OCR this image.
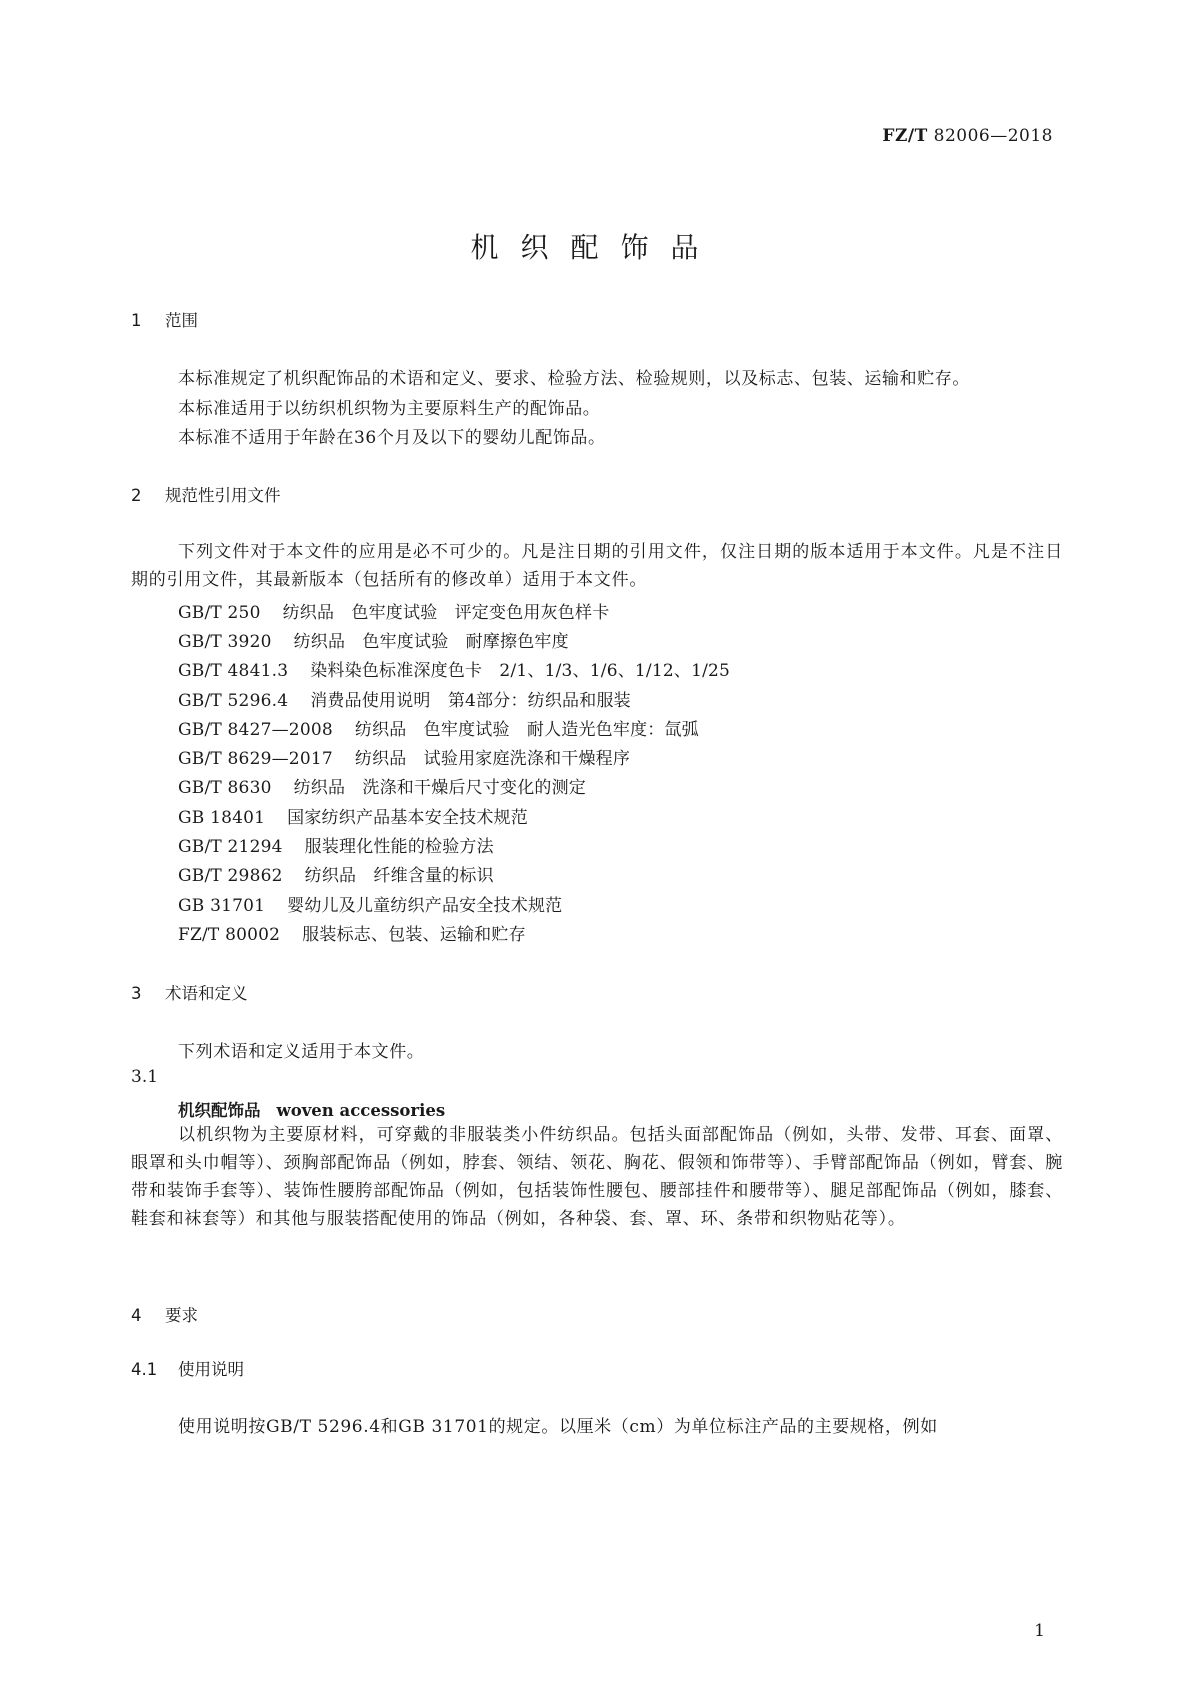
FZ/T 82006—2018
机织配饰品
1 范围
本标准规定了机织配饰品的术语和定义、要求、检验方法、检验规则，以及标志、包装、运输和贮存。
本标准适用于以纺织机织物为主要原料生产的配饰品。
本标准不适用于年龄在36个月及以下的婴幼儿配饰品。
2 规范性引用文件
下列文件对于本文件的应用是必不可少的。凡是注日期的引用文件，仅注日期的版本适用于本文件。凡是不注日期的引用文件，其最新版本（包括所有的修改单）适用于本文件。
GB/T 250 纺织品　色牢度试验　评定变色用灰色样卡
GB/T 3920 纺织品　色牢度试验　耐摩擦色牢度
GB/T 4841.3 染料染色标准深度色卡　2/1、1/3、1/6、1/12、1/25
GB/T 5296.4 消费品使用说明　第4部分：纺织品和服装
GB/T 8427—2008 纺织品　色牢度试验　耐人造光色牢度：氙弧
GB/T 8629—2017 纺织品　试验用家庭洗涤和干燥程序
GB/T 8630 纺织品　洗涤和干燥后尺寸变化的测定
GB 18401 国家纺织产品基本安全技术规范
GB/T 21294 服装理化性能的检验方法
GB/T 29862 纺织品　纤维含量的标识
GB 31701 婴幼儿及儿童纺织产品安全技术规范
FZ/T 80002 服装标志、包装、运输和贮存
3 术语和定义
下列术语和定义适用于本文件。
3.1
机织配饰品 woven accessories
以机织物为主要原材料，可穿戴的非服装类小件纺织品。包括头面部配饰品（例如，头带、发带、耳套、面罩、眼罩和头巾帽等）、颈胸部配饰品（例如，脖套、领结、领花、胸花、假领和饰带等）、手臂部配饰品（例如，臂套、腕带和装饰手套等）、装饰性腰胯部配饰品（例如，包括装饰性腰包、腰部挂件和腰带等）、腿足部配饰品（例如，膝套、鞋套和袜套等）和其他与服装搭配使用的饰品（例如，各种袋、套、罩、环、条带和织物贴花等）。
4 要求
4.1 使用说明
使用说明按GB/T 5296.4和GB 31701的规定。以厘米（cm）为单位标注产品的主要规格，例如
1
